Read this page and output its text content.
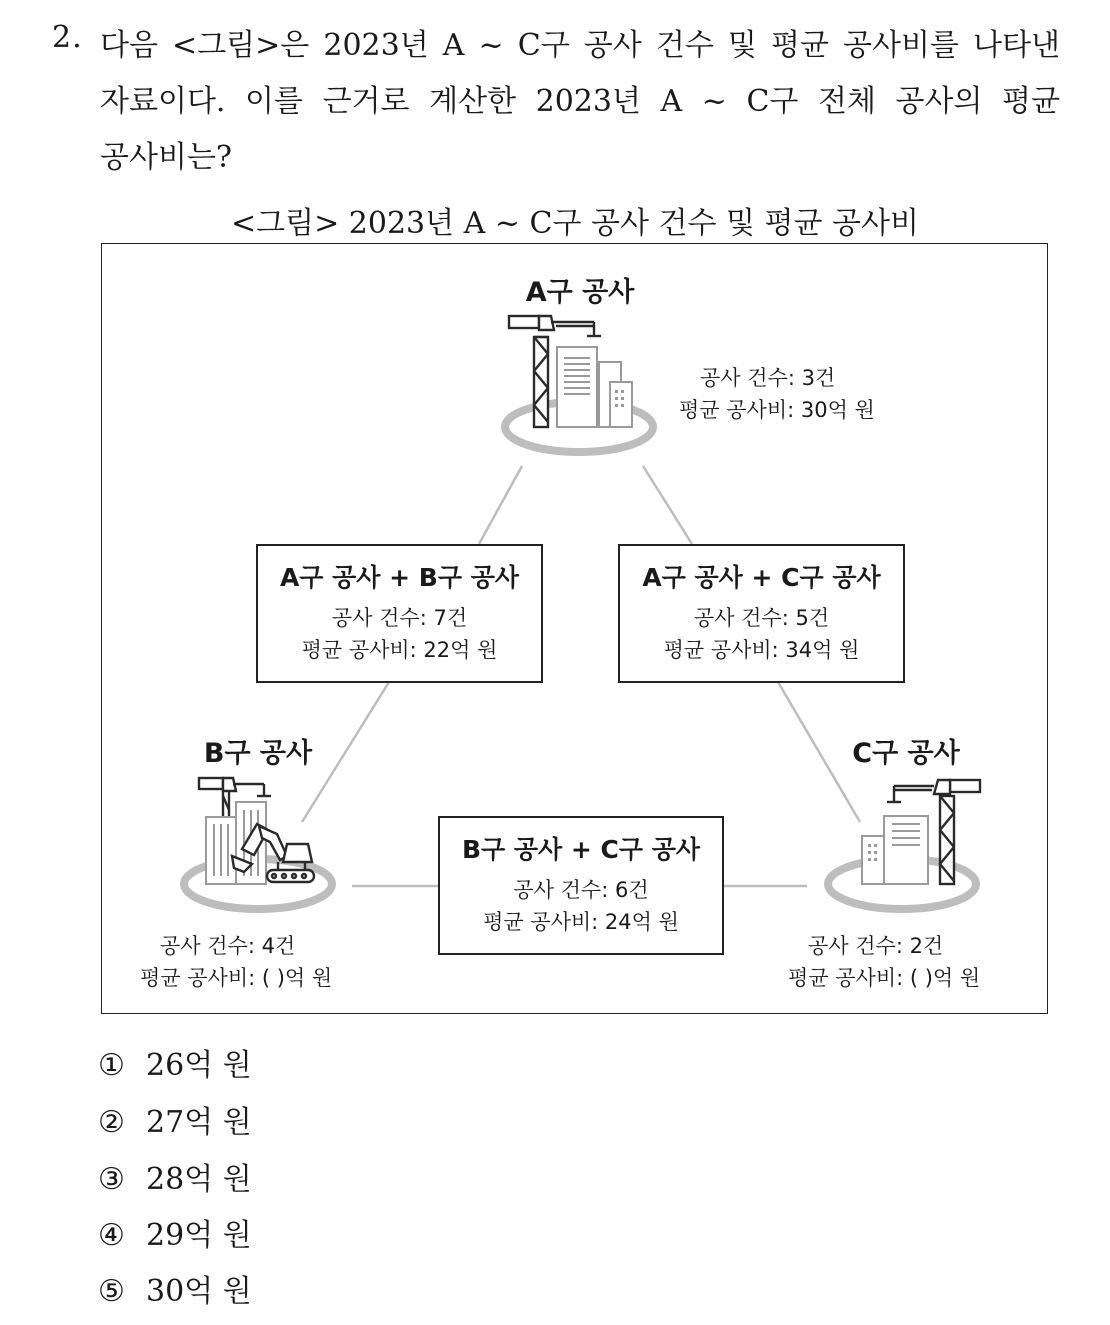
2. 다음 <그림>은 2023년 A ~ C구 공사 건수 및 평균 공사비를 나타낸
자료이다. 이를 근거로 계산한 2023년 A ~ C구 전체 공사의 평균
공사비는?
<그림> 2023년 A ~ C구 공사 건수 및 평균 공사비
A구 공사
공사 건수: 3건
평균 공사비: 30억 원
B구 공사
공사 건수: 4건
평균 공사비: ( )억 원
C구 공사
공사 건수: 2건
평균 공사비: ( )억 원
A구 공사 + B구 공사
공사 건수: 7건
평균 공사비: 22억 원
A구 공사 + C구 공사
공사 건수: 5건
평균 공사비: 34억 원
B구 공사 + C구 공사
공사 건수: 6건
평균 공사비: 24억 원
① 26억 원
② 27억 원
③ 28억 원
④ 29억 원
⑤ 30억 원
